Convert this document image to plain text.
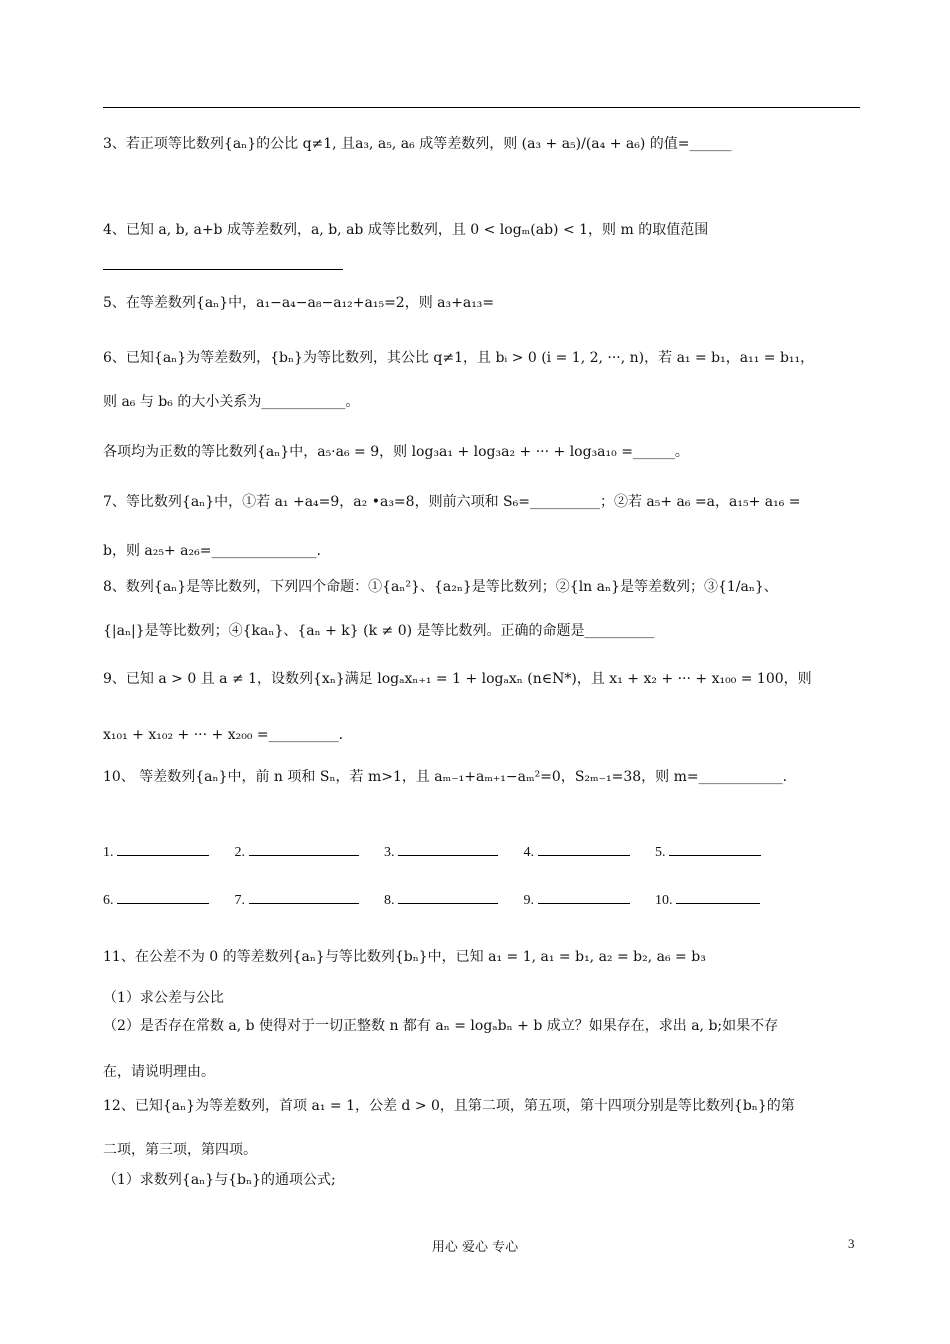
3、若正项等比数列{aₙ}的公比 q≠1, 且a₃, a₅, a₆ 成等差数列，则 (a₃ + a₅)/(a₄ + a₆) 的值=______
4、已知 a, b, a+b 成等差数列，a, b, ab 成等比数列，且 0 < logₘ(ab) < 1，则 m 的取值范围
5、在等差数列{aₙ}中，a₁−a₄−a₈−a₁₂+a₁₅=2，则 a₃+a₁₃=
6、已知{aₙ}为等差数列，{bₙ}为等比数列，其公比 q≠1，且 bᵢ > 0 (i = 1, 2, ···, n)，若 a₁ = b₁，a₁₁ = b₁₁，
则 a₆ 与 b₆ 的大小关系为____________。
各项均为正数的等比数列{aₙ}中，a₅·a₆ = 9，则 log₃a₁ + log₃a₂ + ··· + log₃a₁₀ =______。
7、等比数列{aₙ}中，①若 a₁ +a₄=9，a₂ •a₃=8，则前六项和 S₆=__________；②若 a₅+ a₆ =a，a₁₅+ a₁₆ =
b，则 a₂₅+ a₂₆=_______________.
8、数列{aₙ}是等比数列，下列四个命题：①{aₙ²}、{a₂ₙ}是等比数列；②{ln aₙ}是等差数列；③{1/aₙ}、
{|aₙ|}是等比数列；④{kaₙ}、{aₙ + k} (k ≠ 0) 是等比数列。正确的命题是__________
9、已知 a > 0 且 a ≠ 1，设数列{xₙ}满足 logₐxₙ₊₁ = 1 + logₐxₙ (n∈N*)，且 x₁ + x₂ + ··· + x₁₀₀ = 100，则
x₁₀₁ + x₁₀₂ + ··· + x₂₀₀ =__________.
10、 等差数列{aₙ}中，前 n 项和 Sₙ，若 m>1，且 aₘ₋₁+aₘ₊₁−aₘ²=0，S₂ₘ₋₁=38，则 m=____________.
1.	2.	3.	4.	5.
6.	7.	8.	9.	10.
11、在公差不为 0 的等差数列{aₙ}与等比数列{bₙ}中，已知 a₁ = 1, a₁ = b₁, a₂ = b₂, a₆ = b₃
（1）求公差与公比
（2）是否存在常数 a, b 使得对于一切正整数 n 都有 aₙ = logₐbₙ + b 成立？如果存在，求出 a, b;如果不存
在，请说明理由。
12、已知{aₙ}为等差数列，首项 a₁ = 1，公差 d > 0，且第二项，第五项，第十四项分别是等比数列{bₙ}的第
二项，第三项，第四项。
（1）求数列{aₙ}与{bₙ}的通项公式;
用心 爱心 专心	3
